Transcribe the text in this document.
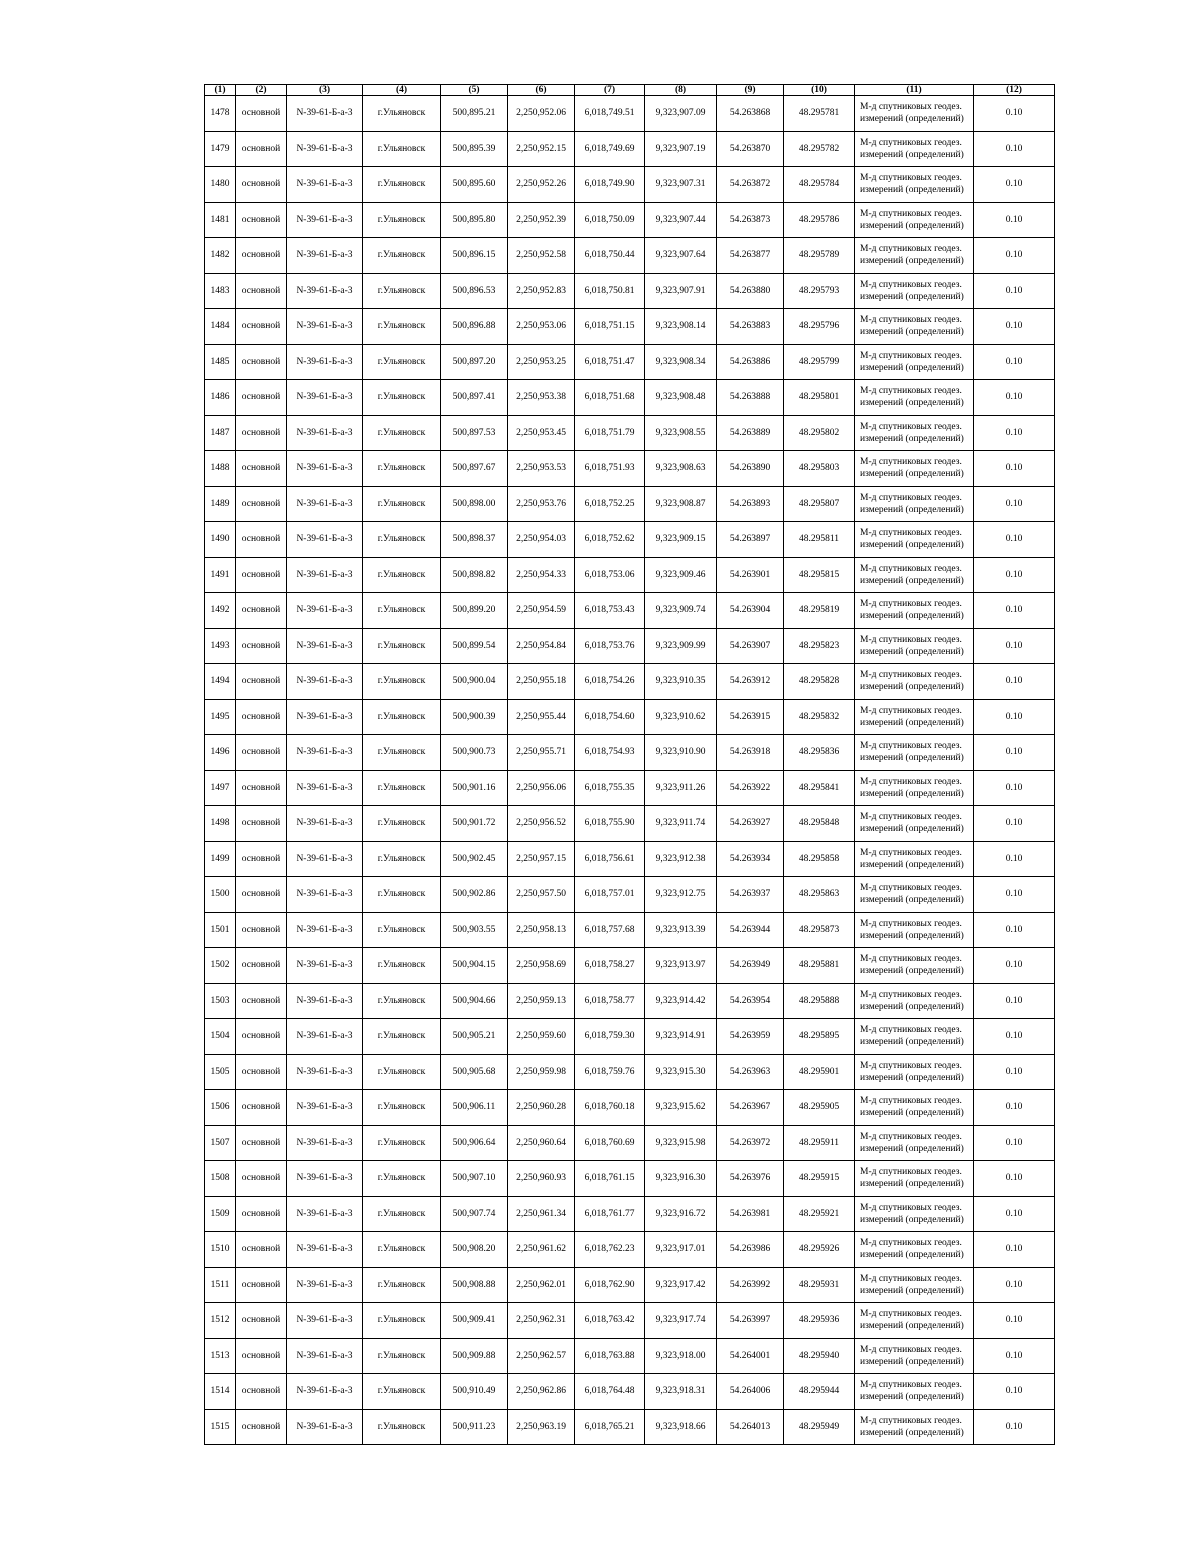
(1)	(2)	(3)	(4)	(5)	(6)	(7)	(8)	(9)	(10)	(11)	(12)
1478	основной	N-39-61-Б-а-3	г.Ульяновск	500,895.21	2,250,952.06	6,018,749.51	9,323,907.09	54.263868	48.295781	М-д спутниковых геодез. измерений (определений)	0.10
1479	основной	N-39-61-Б-а-3	г.Ульяновск	500,895.39	2,250,952.15	6,018,749.69	9,323,907.19	54.263870	48.295782	М-д спутниковых геодез. измерений (определений)	0.10
1480	основной	N-39-61-Б-а-3	г.Ульяновск	500,895.60	2,250,952.26	6,018,749.90	9,323,907.31	54.263872	48.295784	М-д спутниковых геодез. измерений (определений)	0.10
1481	основной	N-39-61-Б-а-3	г.Ульяновск	500,895.80	2,250,952.39	6,018,750.09	9,323,907.44	54.263873	48.295786	М-д спутниковых геодез. измерений (определений)	0.10
1482	основной	N-39-61-Б-а-3	г.Ульяновск	500,896.15	2,250,952.58	6,018,750.44	9,323,907.64	54.263877	48.295789	М-д спутниковых геодез. измерений (определений)	0.10
1483	основной	N-39-61-Б-а-3	г.Ульяновск	500,896.53	2,250,952.83	6,018,750.81	9,323,907.91	54.263880	48.295793	М-д спутниковых геодез. измерений (определений)	0.10
1484	основной	N-39-61-Б-а-3	г.Ульяновск	500,896.88	2,250,953.06	6,018,751.15	9,323,908.14	54.263883	48.295796	М-д спутниковых геодез. измерений (определений)	0.10
1485	основной	N-39-61-Б-а-3	г.Ульяновск	500,897.20	2,250,953.25	6,018,751.47	9,323,908.34	54.263886	48.295799	М-д спутниковых геодез. измерений (определений)	0.10
1486	основной	N-39-61-Б-а-3	г.Ульяновск	500,897.41	2,250,953.38	6,018,751.68	9,323,908.48	54.263888	48.295801	М-д спутниковых геодез. измерений (определений)	0.10
1487	основной	N-39-61-Б-а-3	г.Ульяновск	500,897.53	2,250,953.45	6,018,751.79	9,323,908.55	54.263889	48.295802	М-д спутниковых геодез. измерений (определений)	0.10
1488	основной	N-39-61-Б-а-3	г.Ульяновск	500,897.67	2,250,953.53	6,018,751.93	9,323,908.63	54.263890	48.295803	М-д спутниковых геодез. измерений (определений)	0.10
1489	основной	N-39-61-Б-а-3	г.Ульяновск	500,898.00	2,250,953.76	6,018,752.25	9,323,908.87	54.263893	48.295807	М-д спутниковых геодез. измерений (определений)	0.10
1490	основной	N-39-61-Б-а-3	г.Ульяновск	500,898.37	2,250,954.03	6,018,752.62	9,323,909.15	54.263897	48.295811	М-д спутниковых геодез. измерений (определений)	0.10
1491	основной	N-39-61-Б-а-3	г.Ульяновск	500,898.82	2,250,954.33	6,018,753.06	9,323,909.46	54.263901	48.295815	М-д спутниковых геодез. измерений (определений)	0.10
1492	основной	N-39-61-Б-а-3	г.Ульяновск	500,899.20	2,250,954.59	6,018,753.43	9,323,909.74	54.263904	48.295819	М-д спутниковых геодез. измерений (определений)	0.10
1493	основной	N-39-61-Б-а-3	г.Ульяновск	500,899.54	2,250,954.84	6,018,753.76	9,323,909.99	54.263907	48.295823	М-д спутниковых геодез. измерений (определений)	0.10
1494	основной	N-39-61-Б-а-3	г.Ульяновск	500,900.04	2,250,955.18	6,018,754.26	9,323,910.35	54.263912	48.295828	М-д спутниковых геодез. измерений (определений)	0.10
1495	основной	N-39-61-Б-а-3	г.Ульяновск	500,900.39	2,250,955.44	6,018,754.60	9,323,910.62	54.263915	48.295832	М-д спутниковых геодез. измерений (определений)	0.10
1496	основной	N-39-61-Б-а-3	г.Ульяновск	500,900.73	2,250,955.71	6,018,754.93	9,323,910.90	54.263918	48.295836	М-д спутниковых геодез. измерений (определений)	0.10
1497	основной	N-39-61-Б-а-3	г.Ульяновск	500,901.16	2,250,956.06	6,018,755.35	9,323,911.26	54.263922	48.295841	М-д спутниковых геодез. измерений (определений)	0.10
1498	основной	N-39-61-Б-а-3	г.Ульяновск	500,901.72	2,250,956.52	6,018,755.90	9,323,911.74	54.263927	48.295848	М-д спутниковых геодез. измерений (определений)	0.10
1499	основной	N-39-61-Б-а-3	г.Ульяновск	500,902.45	2,250,957.15	6,018,756.61	9,323,912.38	54.263934	48.295858	М-д спутниковых геодез. измерений (определений)	0.10
1500	основной	N-39-61-Б-а-3	г.Ульяновск	500,902.86	2,250,957.50	6,018,757.01	9,323,912.75	54.263937	48.295863	М-д спутниковых геодез. измерений (определений)	0.10
1501	основной	N-39-61-Б-а-3	г.Ульяновск	500,903.55	2,250,958.13	6,018,757.68	9,323,913.39	54.263944	48.295873	М-д спутниковых геодез. измерений (определений)	0.10
1502	основной	N-39-61-Б-а-3	г.Ульяновск	500,904.15	2,250,958.69	6,018,758.27	9,323,913.97	54.263949	48.295881	М-д спутниковых геодез. измерений (определений)	0.10
1503	основной	N-39-61-Б-а-3	г.Ульяновск	500,904.66	2,250,959.13	6,018,758.77	9,323,914.42	54.263954	48.295888	М-д спутниковых геодез. измерений (определений)	0.10
1504	основной	N-39-61-Б-а-3	г.Ульяновск	500,905.21	2,250,959.60	6,018,759.30	9,323,914.91	54.263959	48.295895	М-д спутниковых геодез. измерений (определений)	0.10
1505	основной	N-39-61-Б-а-3	г.Ульяновск	500,905.68	2,250,959.98	6,018,759.76	9,323,915.30	54.263963	48.295901	М-д спутниковых геодез. измерений (определений)	0.10
1506	основной	N-39-61-Б-а-3	г.Ульяновск	500,906.11	2,250,960.28	6,018,760.18	9,323,915.62	54.263967	48.295905	М-д спутниковых геодез. измерений (определений)	0.10
1507	основной	N-39-61-Б-а-3	г.Ульяновск	500,906.64	2,250,960.64	6,018,760.69	9,323,915.98	54.263972	48.295911	М-д спутниковых геодез. измерений (определений)	0.10
1508	основной	N-39-61-Б-а-3	г.Ульяновск	500,907.10	2,250,960.93	6,018,761.15	9,323,916.30	54.263976	48.295915	М-д спутниковых геодез. измерений (определений)	0.10
1509	основной	N-39-61-Б-а-3	г.Ульяновск	500,907.74	2,250,961.34	6,018,761.77	9,323,916.72	54.263981	48.295921	М-д спутниковых геодез. измерений (определений)	0.10
1510	основной	N-39-61-Б-а-3	г.Ульяновск	500,908.20	2,250,961.62	6,018,762.23	9,323,917.01	54.263986	48.295926	М-д спутниковых геодез. измерений (определений)	0.10
1511	основной	N-39-61-Б-а-3	г.Ульяновск	500,908.88	2,250,962.01	6,018,762.90	9,323,917.42	54.263992	48.295931	М-д спутниковых геодез. измерений (определений)	0.10
1512	основной	N-39-61-Б-а-3	г.Ульяновск	500,909.41	2,250,962.31	6,018,763.42	9,323,917.74	54.263997	48.295936	М-д спутниковых геодез. измерений (определений)	0.10
1513	основной	N-39-61-Б-а-3	г.Ульяновск	500,909.88	2,250,962.57	6,018,763.88	9,323,918.00	54.264001	48.295940	М-д спутниковых геодез. измерений (определений)	0.10
1514	основной	N-39-61-Б-а-3	г.Ульяновск	500,910.49	2,250,962.86	6,018,764.48	9,323,918.31	54.264006	48.295944	М-д спутниковых геодез. измерений (определений)	0.10
1515	основной	N-39-61-Б-а-3	г.Ульяновск	500,911.23	2,250,963.19	6,018,765.21	9,323,918.66	54.264013	48.295949	М-д спутниковых геодез. измерений (определений)	0.10
